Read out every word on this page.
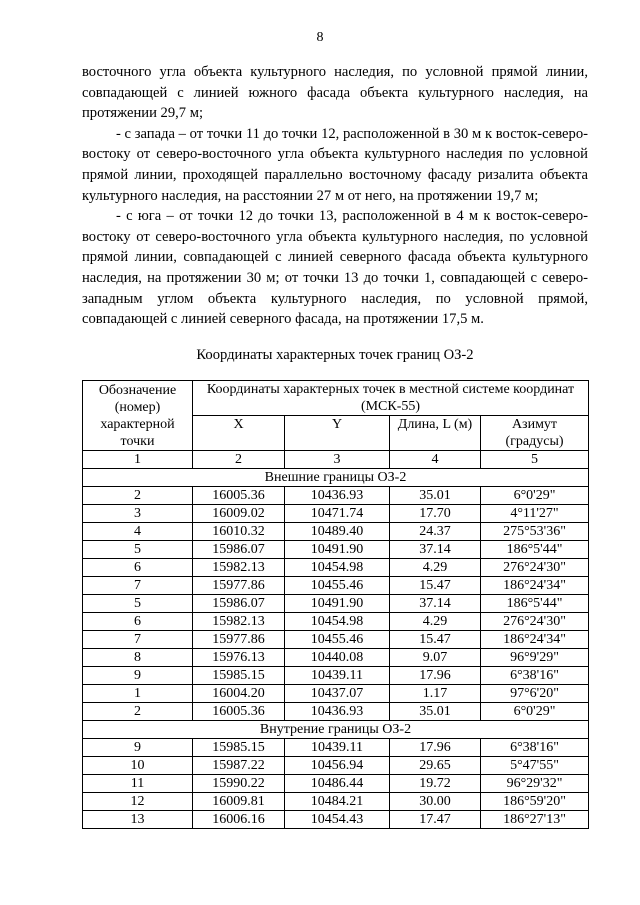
8

восточного угла объекта культурного наследия, по условной прямой линии, совпадающей с линией южного фасада объекта культурного наследия, на протяжении 29,7 м;

- с запада – от точки 11 до точки 12, расположенной в 30 м к восток-северо-востоку от северо-восточного угла объекта культурного наследия по условной прямой линии, проходящей параллельно восточному фасаду ризалита объекта культурного наследия, на расстоянии 27 м от него, на протяжении 19,7 м;

- с юга – от точки 12 до точки 13, расположенной в 4 м к восток-северо-востоку от северо-восточного угла объекта культурного наследия, по условной прямой линии, совпадающей с линией северного фасада объекта культурного наследия, на протяжении 30 м; от точки 13 до точки 1, совпадающей с северо-западным углом объекта культурного наследия, по условной прямой, совпадающей с линией северного фасада, на протяжении 17,5 м.

Координаты характерных точек границ ОЗ-2
Обозначение (номер) характерной точки	Координаты характерных точек в местной системе координат (МСК-55)			
	X	Y	Длина, L (м)	Азимут (градусы)
1	2	3	4	5
Внешние границы ОЗ-2				
2	16005.36	10436.93	35.01	6°0'29"
3	16009.02	10471.74	17.70	4°11'27"
4	16010.32	10489.40	24.37	275°53'36"
5	15986.07	10491.90	37.14	186°5'44"
6	15982.13	10454.98	4.29	276°24'30"
7	15977.86	10455.46	15.47	186°24'34"
5	15986.07	10491.90	37.14	186°5'44"
6	15982.13	10454.98	4.29	276°24'30"
7	15977.86	10455.46	15.47	186°24'34"
8	15976.13	10440.08	9.07	96°9'29"
9	15985.15	10439.11	17.96	6°38'16"
1	16004.20	10437.07	1.17	97°6'20"
2	16005.36	10436.93	35.01	6°0'29"
Внутрение границы ОЗ-2				
9	15985.15	10439.11	17.96	6°38'16"
10	15987.22	10456.94	29.65	5°47'55"
11	15990.22	10486.44	19.72	96°29'32"
12	16009.81	10484.21	30.00	186°59'20"
13	16006.16	10454.43	17.47	186°27'13"
